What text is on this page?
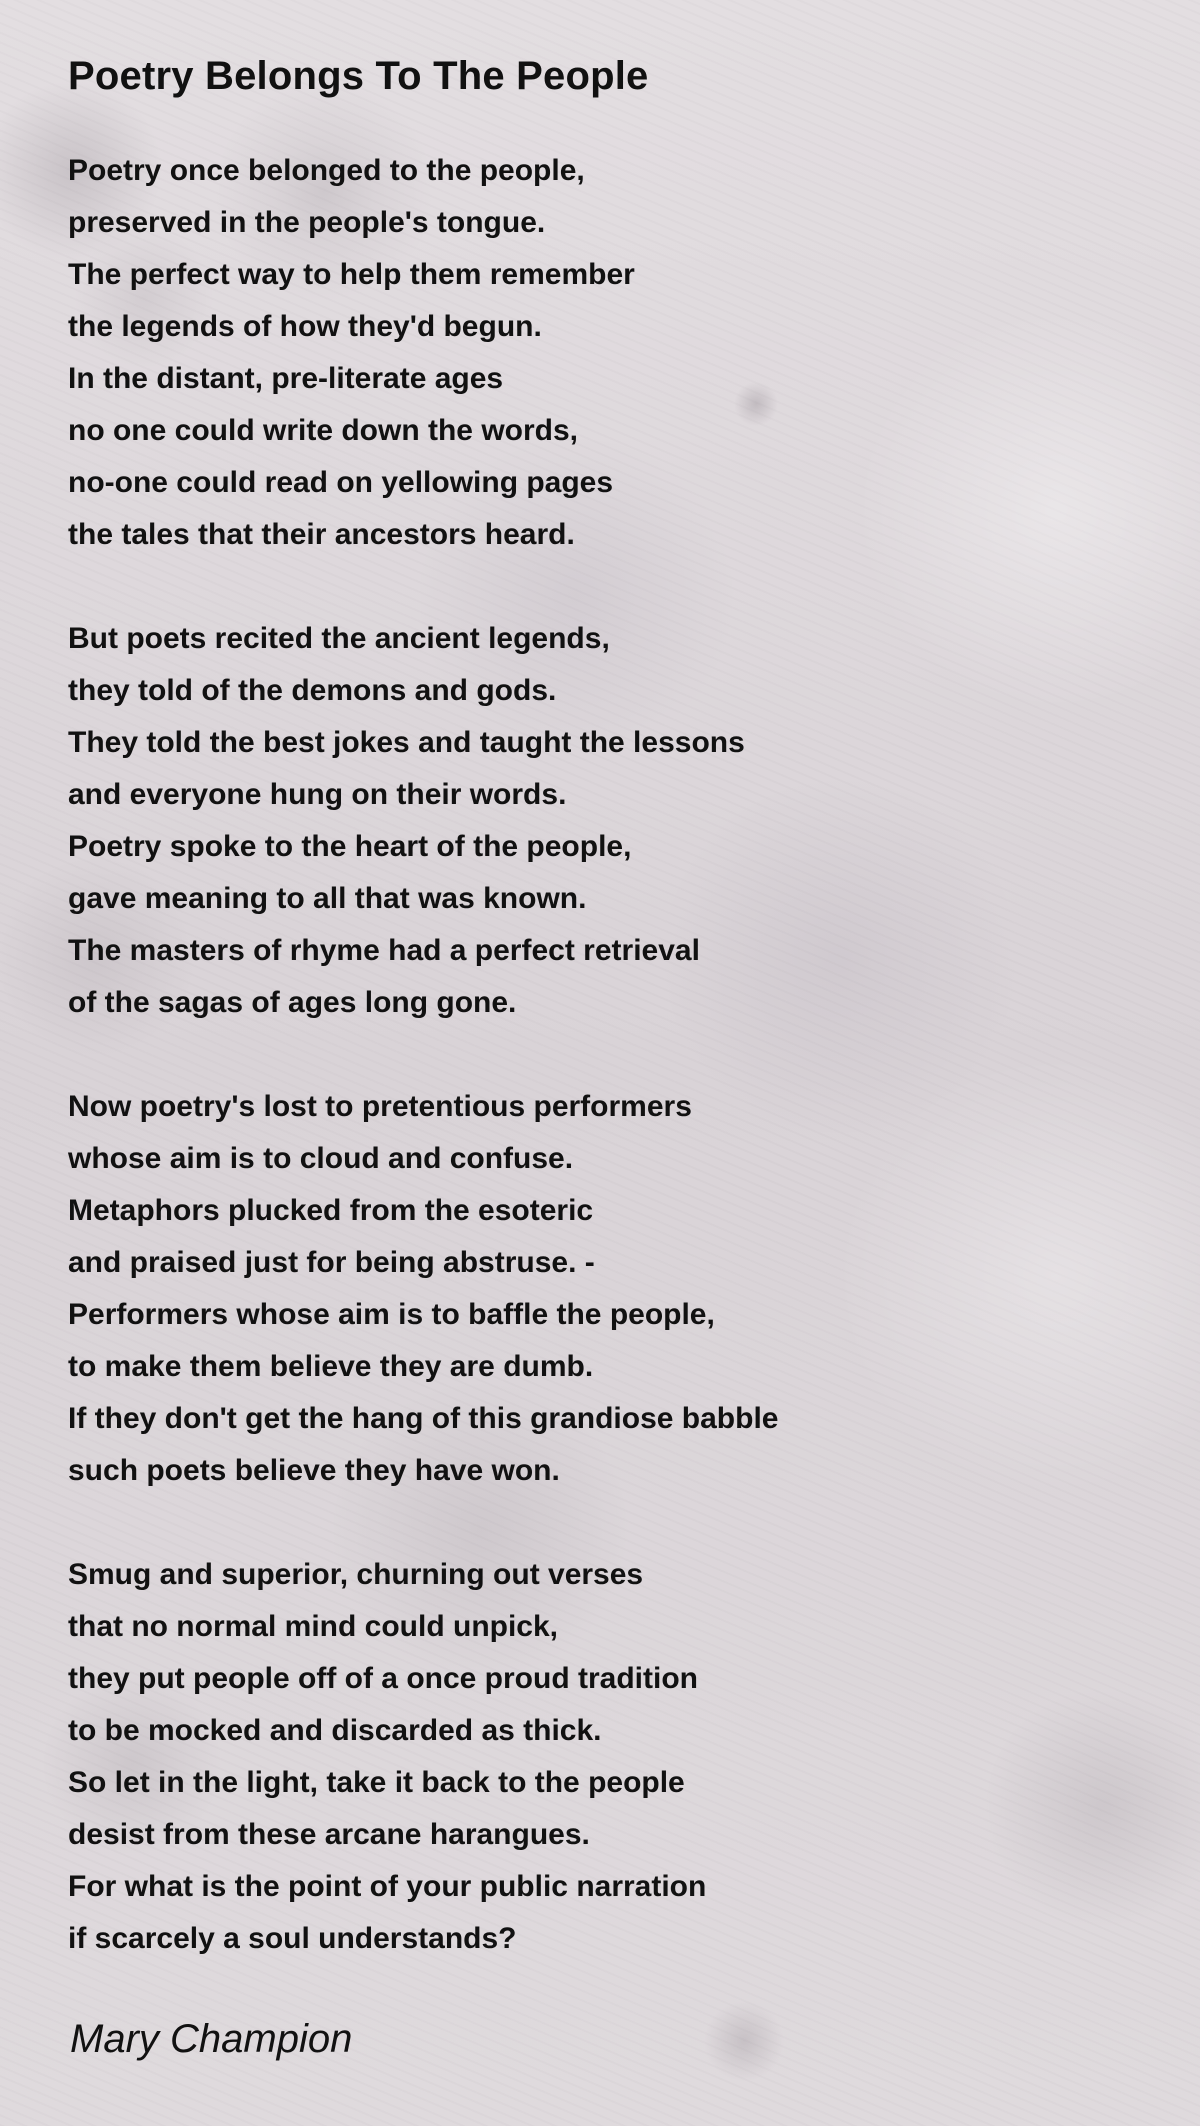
Poetry Belongs To The People
Poetry once belonged to the people,
preserved in the people's tongue.
The perfect way to help them remember
the legends of how they'd begun.
In the distant, pre-literate ages
no one could write down the words,
no-one could read on yellowing pages
the tales that their ancestors heard.
But poets recited the ancient legends,
they told of the demons and gods.
They told the best jokes and taught the lessons
and everyone hung on their words.
Poetry spoke to the heart of the people,
gave meaning to all that was known.
The masters of rhyme had a perfect retrieval
of the sagas of ages long gone.
Now poetry's lost to pretentious performers
whose aim is to cloud and confuse.
Metaphors plucked from the esoteric
and praised just for being abstruse. -
Performers whose aim is to baffle the people,
to make them believe they are dumb.
If they don't get the hang of this grandiose babble
such poets believe they have won.
Smug and superior, churning out verses
that no normal mind could unpick,
they put people off of a once proud tradition
to be mocked and discarded as thick.
So let in the light, take it back to the people
desist from these arcane harangues.
For what is the point of your public narration
if scarcely a soul understands?
Mary Champion
